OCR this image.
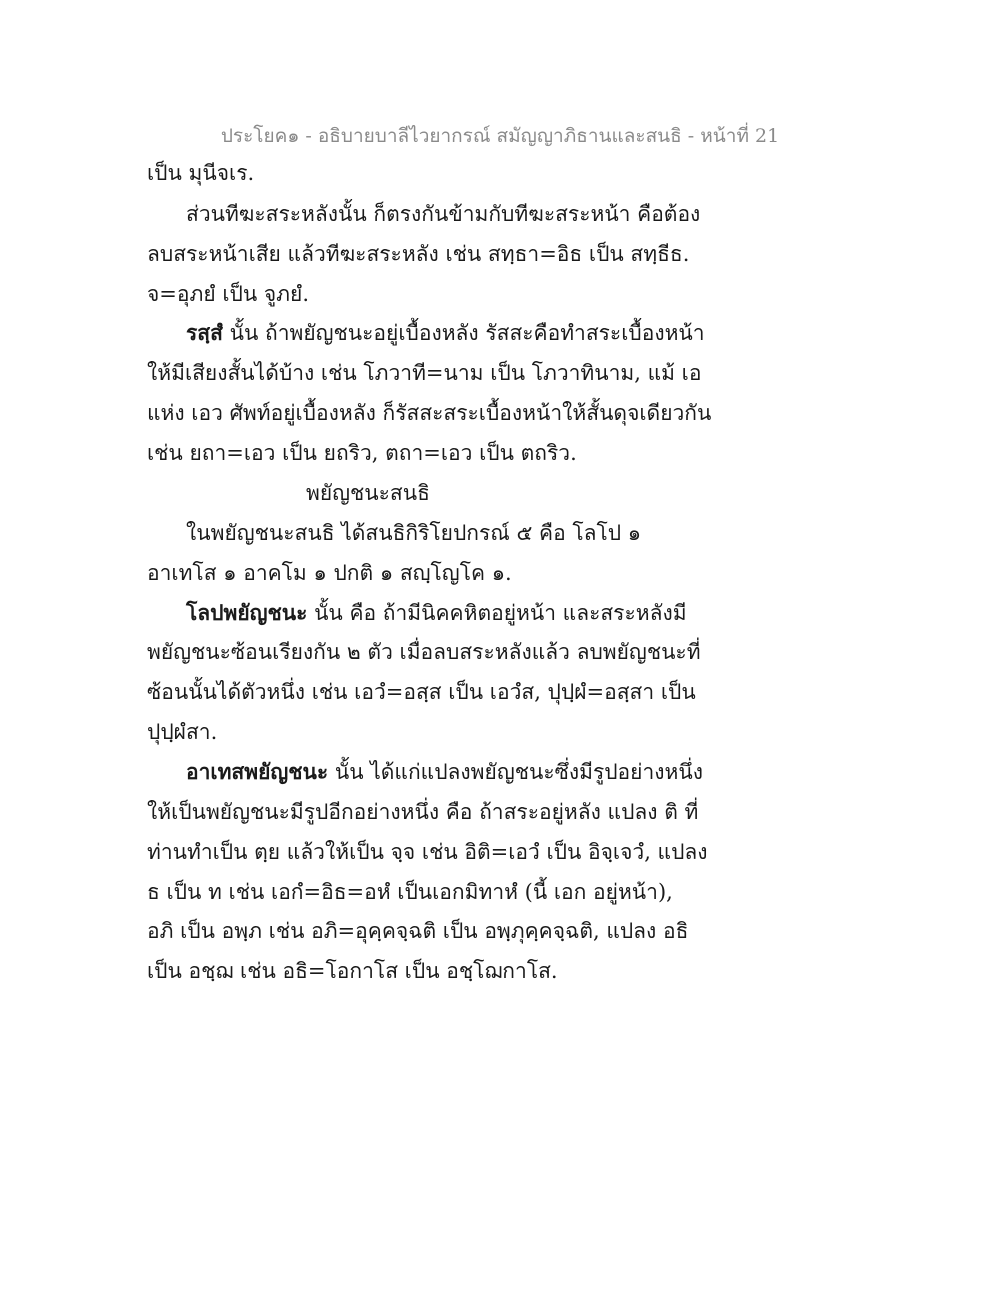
ประโยค๑ - อธิบายบาลีไวยากรณ์ สมัญญาภิธานและสนธิ - หน้าที่ 21
เป็น มุนีจเร.
ส่วนทีฆะสระหลังนั้น ก็ตรงกันข้ามกับทีฆะสระหน้า คือต้อง
ลบสระหน้าเสีย แล้วทีฆะสระหลัง เช่น สทฺธา=อิธ เป็น สทฺธีธ.
จ=อุภยํ เป็น จูภยํ.
รสฺสํ นั้น ถ้าพยัญชนะอยู่เบื้องหลัง รัสสะคือทำสระเบื้องหน้า
ให้มีเสียงสั้นได้บ้าง เช่น โภวาที=นาม เป็น โภวาทินาม, แม้ เอ
แห่ง เอว ศัพท์อยู่เบื้องหลัง ก็รัสสะสระเบื้องหน้าให้สั้นดุจเดียวกัน
เช่น ยถา=เอว เป็น ยถริว, ตถา=เอว เป็น ตถริว.
พยัญชนะสนธิ
ในพยัญชนะสนธิ ได้สนธิกิริโยปกรณ์ ๕ คือ โลโป ๑
อาเทโส ๑ อาคโม ๑ ปกติ ๑ สญฺโญโค ๑.
โลปพยัญชนะ นั้น คือ ถ้ามีนิคคหิตอยู่หน้า และสระหลังมี
พยัญชนะซ้อนเรียงกัน ๒ ตัว เมื่อลบสระหลังแล้ว ลบพยัญชนะที่
ซ้อนนั้นได้ตัวหนึ่ง เช่น เอวํ=อสฺส เป็น เอวํส, ปุปฺผํ=อสฺสา เป็น
ปุปฺผํสา.
อาเทสพยัญชนะ นั้น ได้แก่แปลงพยัญชนะซึ่งมีรูปอย่างหนึ่ง
ให้เป็นพยัญชนะมีรูปอีกอย่างหนึ่ง คือ ถ้าสระอยู่หลัง แปลง ติ ที่
ท่านทำเป็น ตฺย แล้วให้เป็น จฺจ เช่น อิติ=เอวํ เป็น อิจฺเจวํ, แปลง
ธ เป็น ท เช่น เอกํ=อิธ=อหํ เป็นเอกมิทาหํ (นี้ เอก อยู่หน้า),
อภิ เป็น อพฺภ เช่น อภิ=อุคฺคจฺฉติ เป็น อพฺภุคฺคจฺฉติ, แปลง อธิ
เป็น อชฺฌ เช่น อธิ=โอกาโส เป็น อชฺโฌกาโส.
